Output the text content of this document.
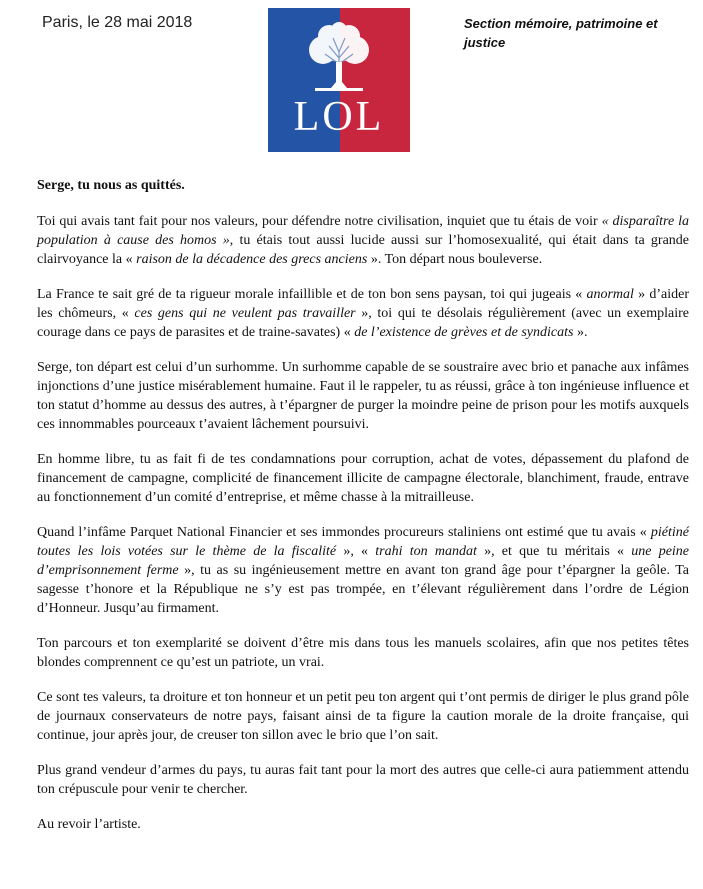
Paris, le 28 mai 2018
LOL
Section mémoire, patrimoine et justice

Serge, tu nous as quittés.

Toi qui avais tant fait pour nos valeurs, pour défendre notre civilisation, inquiet que tu étais de voir « disparaître la population à cause des homos », tu étais tout aussi lucide aussi sur l’homosexualité, qui était dans ta grande clairvoyance la « raison de la décadence des grecs anciens ». Ton départ nous bouleverse.

La France te sait gré de ta rigueur morale infaillible et de ton bon sens paysan, toi qui jugeais « anormal » d’aider les chômeurs, « ces gens qui ne veulent pas travailler », toi qui te désolais régulièrement (avec un exemplaire courage dans ce pays de parasites et de traine-savates) « de l’existence de grèves et de syndicats ».

Serge, ton départ est celui d’un surhomme. Un surhomme capable de se soustraire avec brio et panache aux infâmes injonctions d’une justice misérablement humaine. Faut il le rappeler, tu as réussi, grâce à ton ingénieuse influence et ton statut d’homme au dessus des autres, à t’épargner de purger la moindre peine de prison pour les motifs auxquels ces innommables pourceaux t’avaient lâchement poursuivi.

En homme libre, tu as fait fi de tes condamnations pour corruption, achat de votes, dépassement du plafond de financement de campagne, complicité de financement illicite de campagne électorale, blanchiment, fraude, entrave au fonctionnement d’un comité d’entreprise, et même chasse à la mitrailleuse.

Quand l’infâme Parquet National Financier et ses immondes procureurs staliniens ont estimé que tu avais « piétiné toutes les lois votées sur le thème de la fiscalité », « trahi ton mandat », et que tu méritais « une peine d’emprisonnement ferme », tu as su ingénieusement mettre en avant ton grand âge pour t’épargner la geôle. Ta sagesse t’honore et la République ne s’y est pas trompée, en t’élevant régulièrement dans l’ordre de Légion d’Honneur. Jusqu’au firmament.

Ton parcours et ton exemplarité se doivent d’être mis dans tous les manuels scolaires, afin que nos petites têtes blondes comprennent ce qu’est un patriote, un vrai.

Ce sont tes valeurs, ta droiture et ton honneur et un petit peu ton argent qui t’ont permis de diriger le plus grand pôle de journaux conservateurs de notre pays, faisant ainsi de ta figure la caution morale de la droite française, qui continue, jour après jour, de creuser ton sillon avec le brio que l’on sait.

Plus grand vendeur d’armes du pays, tu auras fait tant pour la mort des autres que celle-ci aura patiemment attendu ton crépuscule pour venir te chercher.

Au revoir l’artiste.
